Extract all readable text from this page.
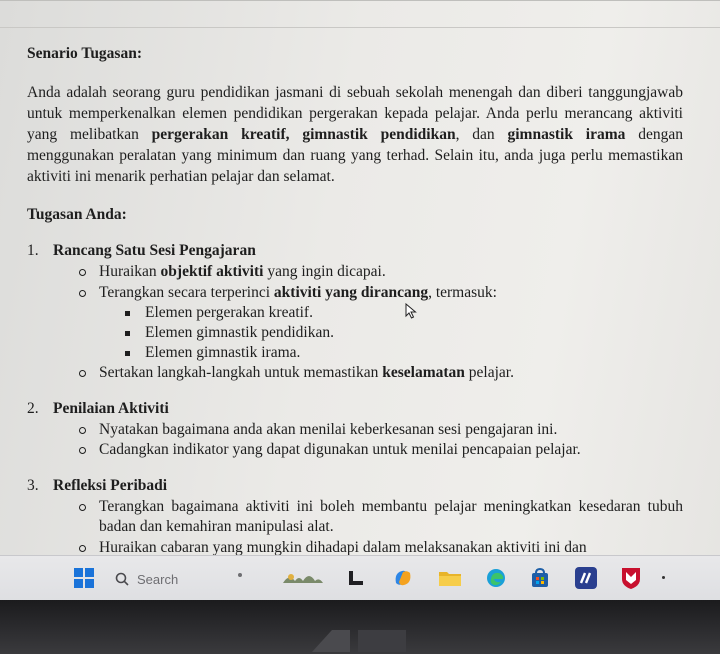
Senario Tugasan:
Anda adalah seorang guru pendidikan jasmani di sebuah sekolah menengah dan diberi tanggungjawab untuk memperkenalkan elemen pendidikan pergerakan kepada pelajar. Anda perlu merancang aktiviti yang melibatkan pergerakan kreatif, gimnastik pendidikan, dan gimnastik irama dengan menggunakan peralatan yang minimum dan ruang yang terhad. Selain itu, anda juga perlu memastikan aktiviti ini menarik perhatian pelajar dan selamat.
Tugasan Anda:
1. Rancang Satu Sesi Pengajaran
Huraikan objektif aktiviti yang ingin dicapai.
Terangkan secara terperinci aktiviti yang dirancang, termasuk:
Elemen pergerakan kreatif.
Elemen gimnastik pendidikan.
Elemen gimnastik irama.
Sertakan langkah-langkah untuk memastikan keselamatan pelajar.
2. Penilaian Aktiviti
Nyatakan bagaimana anda akan menilai keberkesanan sesi pengajaran ini.
Cadangkan indikator yang dapat digunakan untuk menilai pencapaian pelajar.
3. Refleksi Peribadi
Terangkan bagaimana aktiviti ini boleh membantu pelajar meningkatkan kesedaran tubuh badan dan kemahiran manipulasi alat.
Huraikan cabaran yang mungkin dihadapi dalam melaksanakan aktiviti ini dan
Search
